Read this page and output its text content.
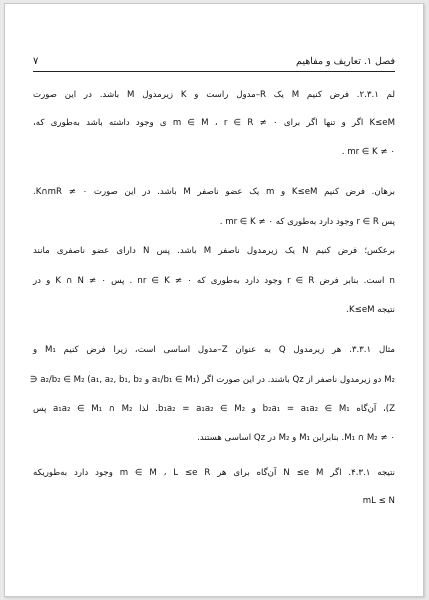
فصل ۱. تعاریف و مفاهیم
۷
لم ۲.۳.۱. فرض کنیم M یک R–مدول راست و K زیرمدول M باشد. در این صورت
K≤eM اگر و تنها اگر برای ۰ ≠ m ∈ M ، r ∈ R ی وجود داشته باشد به‌طوری که،
۰ ≠ mr ∈ K .
برهان. فرض کنیم K≤eM و m یک عضو ناصفر M باشد. در این صورت ۰ ≠ K∩mR.
پس r ∈ R وجود دارد به‌طوری که ۰ ≠ mr ∈ K .
برعکس؛ فرض کنیم N یک زیرمدول ناصفر M باشد. پس N دارای عضو ناصفری مانند
n است. بنابر فرض r ∈ R وجود دارد به‌طوری که ۰ ≠ nr ∈ K . پس ۰ ≠ K ∩ N و در
نتیجه K≤eM.
مثال ۳.۳.۱. هر زیرمدول Q به عنوان Z–مدول اساسی است، زیرا فرض کنیم M₁ و
M₂ دو زیرمدول ناصفر از Qz باشند. در این صورت اگر (a₁/b₁ ∈ M₁ و a₂/b₂ ∈ M₂ (a₁, a₂, b₁, b₂ ∈
Z)، آن‌گاه b₂a₁ = a₁a₂ ∈ M₁ و b₁a₂ = a₁a₂ ∈ M₂. لذا a₁a₂ ∈ M₁ ∩ M₂ پس
۰ ≠ M₁ ∩ M₂. بنابراین M₁ و M₂ در Qz اساسی هستند.
نتیجه ۴.۳.۱. اگر N ≤e M آن‌گاه برای هر m ∈ M ، L ≤e R وجود دارد به‌طوریکه
mL ≤ N
